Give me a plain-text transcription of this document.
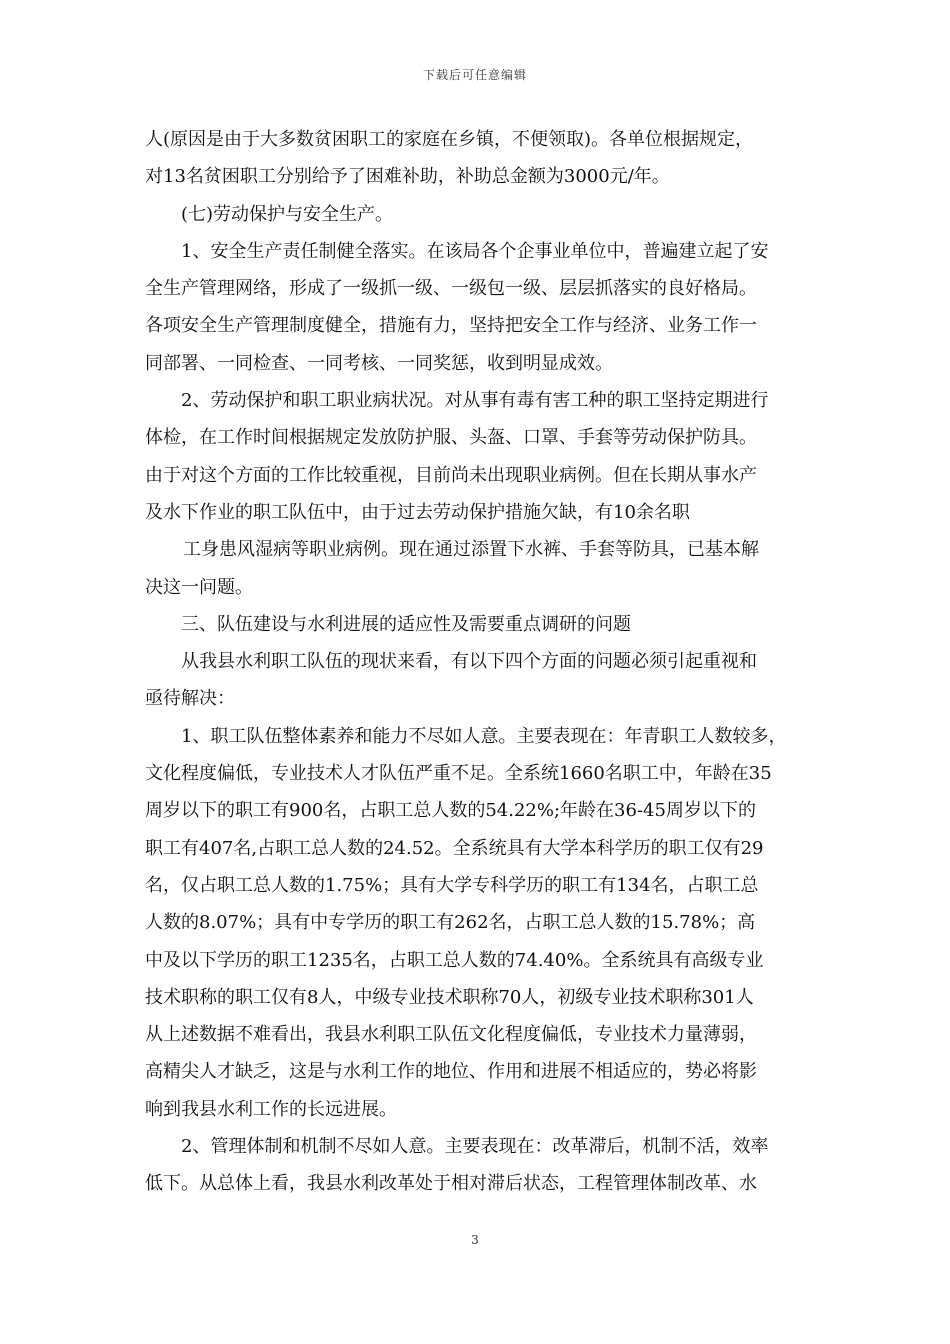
下载后可任意编辑
人(原因是由于大多数贫困职工的家庭在乡镇，不便领取)。各单位根据规定，
对13名贫困职工分别给予了困难补助，补助总金额为3000元/年。
(七)劳动保护与安全生产。
1、安全生产责任制健全落实。在该局各个企事业单位中，普遍建立起了安
全生产管理网络，形成了一级抓一级、一级包一级、层层抓落实的良好格局。
各项安全生产管理制度健全，措施有力，坚持把安全工作与经济、业务工作一
同部署、一同检查、一同考核、一同奖惩，收到明显成效。
2、劳动保护和职工职业病状况。对从事有毒有害工种的职工坚持定期进行
体检，在工作时间根据规定发放防护服、头盔、口罩、手套等劳动保护防具。
由于对这个方面的工作比较重视，目前尚未出现职业病例。但在长期从事水产
及水下作业的职工队伍中，由于过去劳动保护措施欠缺，有10余名职
工身患风湿病等职业病例。现在通过添置下水裤、手套等防具，已基本解
决这一问题。
三、队伍建设与水利进展的适应性及需要重点调研的问题
从我县水利职工队伍的现状来看，有以下四个方面的问题必须引起重视和
亟待解决：
1、职工队伍整体素养和能力不尽如人意。主要表现在：年青职工人数较多，
文化程度偏低，专业技术人才队伍严重不足。全系统1660名职工中，年龄在35
周岁以下的职工有900名，占职工总人数的54.22%;年龄在36-45周岁以下的
职工有407名,占职工总人数的24.52。全系统具有大学本科学历的职工仅有29
名，仅占职工总人数的1.75%；具有大学专科学历的职工有134名，占职工总
人数的8.07%；具有中专学历的职工有262名，占职工总人数的15.78%；高
中及以下学历的职工1235名，占职工总人数的74.40%。全系统具有高级专业
技术职称的职工仅有8人，中级专业技术职称70人，初级专业技术职称301人
从上述数据不难看出，我县水利职工队伍文化程度偏低，专业技术力量薄弱，
高精尖人才缺乏，这是与水利工作的地位、作用和进展不相适应的，势必将影
响到我县水利工作的长远进展。
2、管理体制和机制不尽如人意。主要表现在：改革滞后，机制不活，效率
低下。从总体上看，我县水利改革处于相对滞后状态，工程管理体制改革、水
3
